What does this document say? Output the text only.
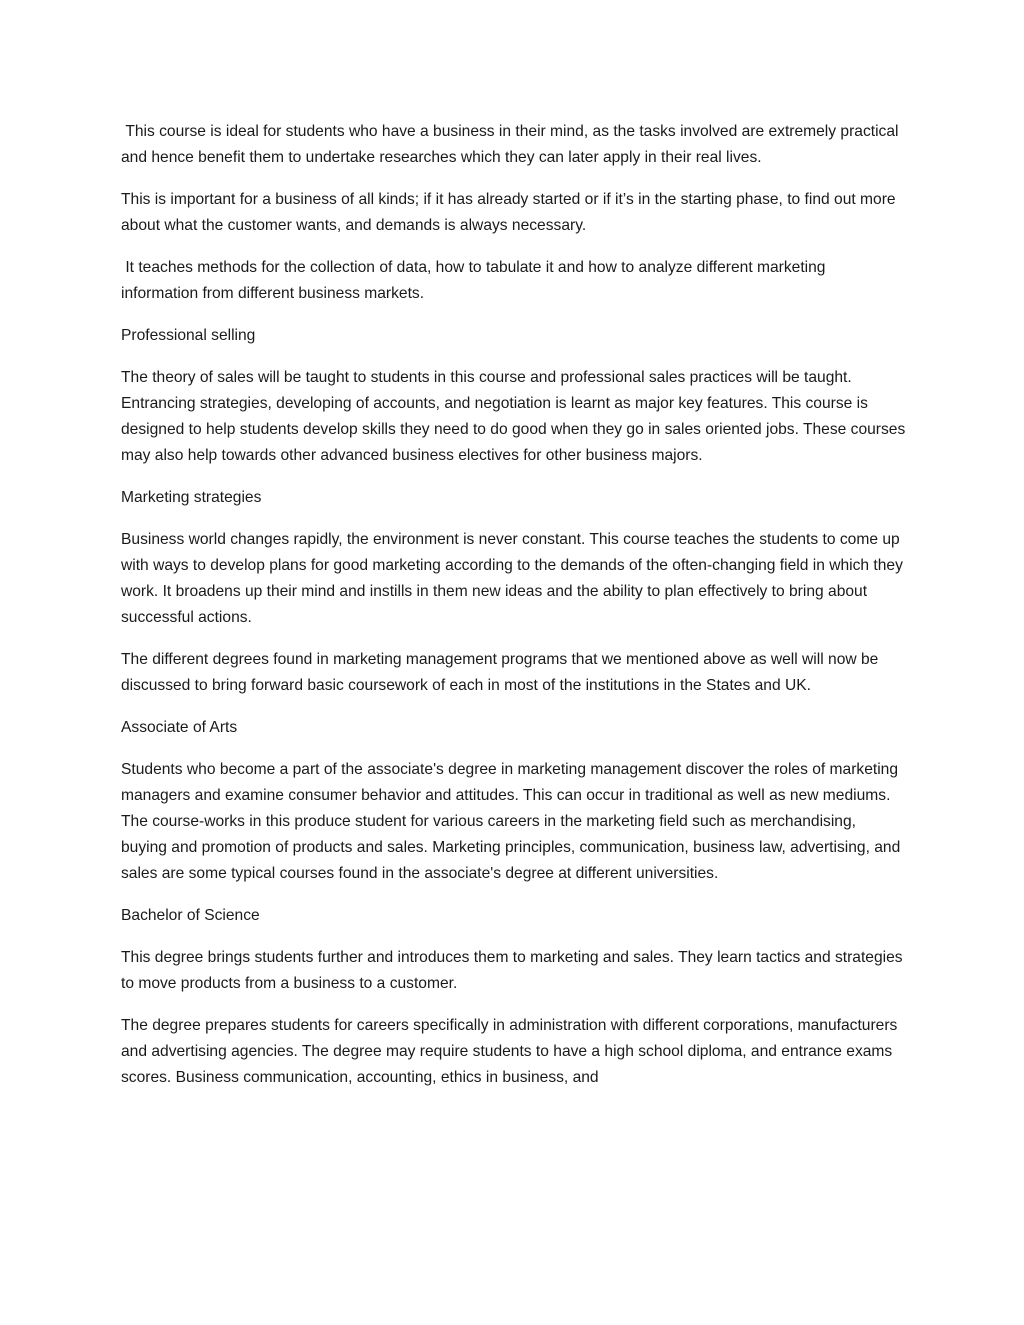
This course is ideal for students who have a business in their mind, as the tasks involved are extremely practical and hence benefit them to undertake researches which they can later apply in their real lives.

This is important for a business of all kinds; if it has already started or if it’s in the starting phase, to find out more about what the customer wants, and demands is always necessary.

It teaches methods for the collection of data, how to tabulate it and how to analyze different marketing information from different business markets.

Professional selling

The theory of sales will be taught to students in this course and professional sales practices will be taught. Entrancing strategies, developing of accounts, and negotiation is learnt as major key features. This course is designed to help students develop skills they need to do good when they go in sales oriented jobs. These courses may also help towards other advanced business electives for other business majors.

Marketing strategies

Business world changes rapidly, the environment is never constant. This course teaches the students to come up with ways to develop plans for good marketing according to the demands of the often-changing field in which they work. It broadens up their mind and instills in them new ideas and the ability to plan effectively to bring about successful actions.

The different degrees found in marketing management programs that we mentioned above as well will now be discussed to bring forward basic coursework of each in most of the institutions in the States and UK.

Associate of Arts

Students who become a part of the associate's degree in marketing management discover the roles of marketing managers and examine consumer behavior and attitudes. This can occur in traditional as well as new mediums. The course-works in this produce student for various careers in the marketing field such as merchandising, buying and promotion of products and sales. Marketing principles, communication, business law, advertising, and sales are some typical courses found in the associate's degree at different universities.

Bachelor of Science

This degree brings students further and introduces them to marketing and sales. They learn tactics and strategies to move products from a business to a customer.

The degree prepares students for careers specifically in administration with different corporations, manufacturers and advertising agencies. The degree may require students to have a high school diploma, and entrance exams scores. Business communication, accounting, ethics in business, and
